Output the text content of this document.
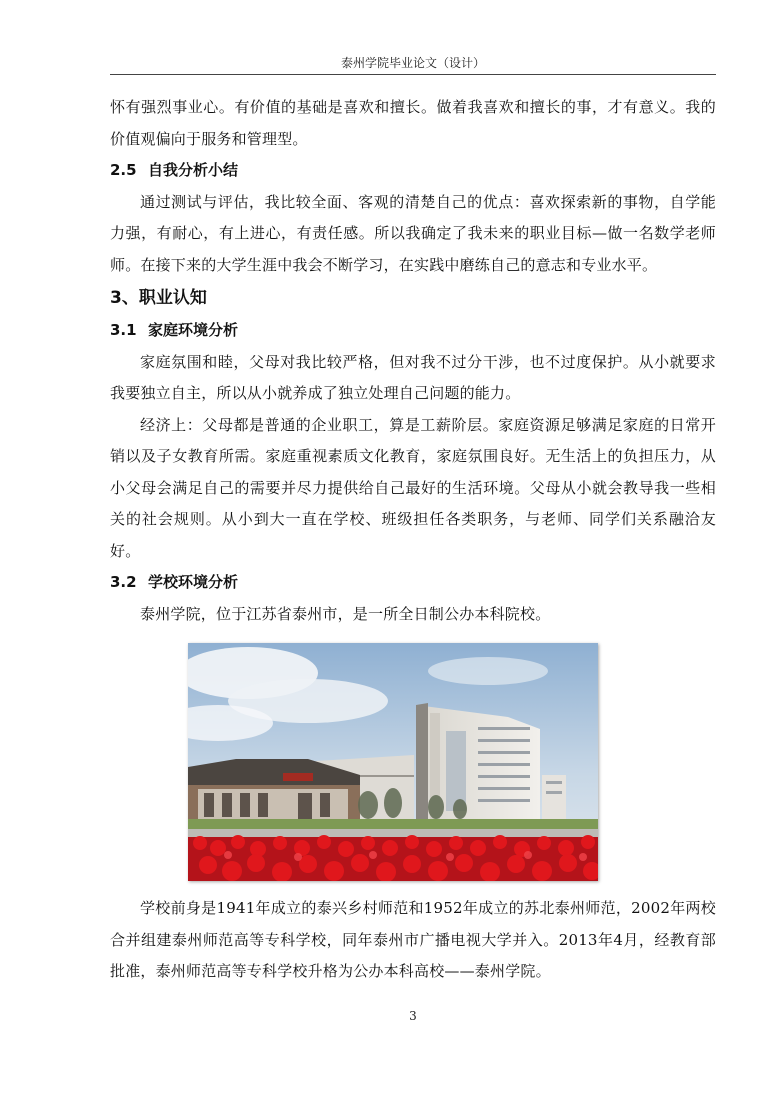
泰州学院毕业论文（设计）

怀有强烈事业心。有价值的基础是喜欢和擅长。做着我喜欢和擅长的事，才有意义。我的价值观偏向于服务和管理型。

2.5 自我分析小结

通过测试与评估，我比较全面、客观的清楚自己的优点：喜欢探索新的事物，自学能力强，有耐心，有上进心，有责任感。所以我确定了我未来的职业目标—做一名数学老师师。在接下来的大学生涯中我会不断学习，在实践中磨练自己的意志和专业水平。

3、职业认知
3.1 家庭环境分析

家庭氛围和睦，父母对我比较严格，但对我不过分干涉，也不过度保护。从小就要求我要独立自主，所以从小就养成了独立处理自己问题的能力。

经济上：父母都是普通的企业职工，算是工薪阶层。家庭资源足够满足家庭的日常开销以及子女教育所需。家庭重视素质文化教育，家庭氛围良好。无生活上的负担压力，从小父母会满足自己的需要并尽力提供给自己最好的生活环境。父母从小就会教导我一些相关的社会规则。从小到大一直在学校、班级担任各类职务，与老师、同学们关系融洽友好。

3.2 学校环境分析

泰州学院，位于江苏省泰州市，是一所全日制公办本科院校。

学校前身是1941年成立的泰兴乡村师范和1952年成立的苏北泰州师范，2002年两校合并组建泰州师范高等专科学校，同年泰州市广播电视大学并入。2013年4月，经教育部批准，泰州师范高等专科学校升格为公办本科高校——泰州学院。

3
